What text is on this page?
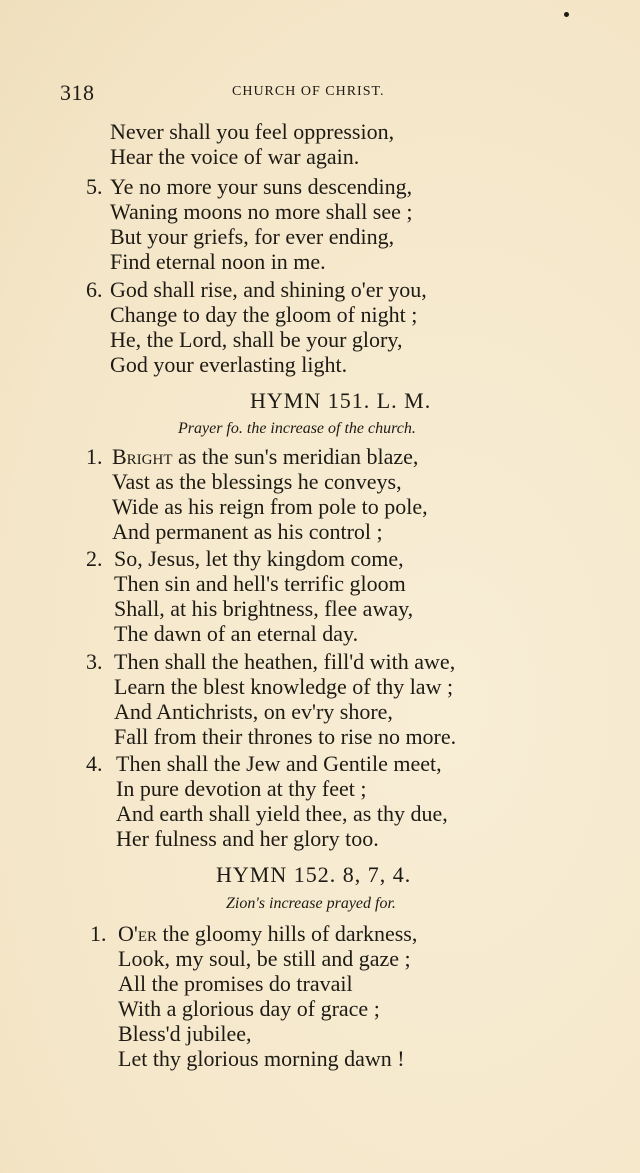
318	CHURCH OF CHRIST.
Never shall you feel oppression,
Hear the voice of war again.
5. Ye no more your suns descending,
Waning moons no more shall see ;
But your griefs, for ever ending,
Find eternal noon in me.
6. God shall rise, and shining o'er you,
Change to day the gloom of night ;
He, the Lord, shall be your glory,
God your everlasting light.
HYMN 151. L. M.
Prayer fo. the increase of the church.
1. Bright as the sun's meridian blaze,
Vast as the blessings he conveys,
Wide as his reign from pole to pole,
And permanent as his control ;
2. So, Jesus, let thy kingdom come,
Then sin and hell's terrific gloom
Shall, at his brightness, flee away,
The dawn of an eternal day.
3. Then shall the heathen, fill'd with awe,
Learn the blest knowledge of thy law ;
And Antichrists, on ev'ry shore,
Fall from their thrones to rise no more.
4. Then shall the Jew and Gentile meet,
In pure devotion at thy feet ;
And earth shall yield thee, as thy due,
Her fulness and her glory too.
HYMN 152. 8, 7, 4.
Zion's increase prayed for.
1. O'er the gloomy hills of darkness,
Look, my soul, be still and gaze ;
All the promises do travail
With a glorious day of grace ;
Bless'd jubilee,
Let thy glorious morning dawn !
